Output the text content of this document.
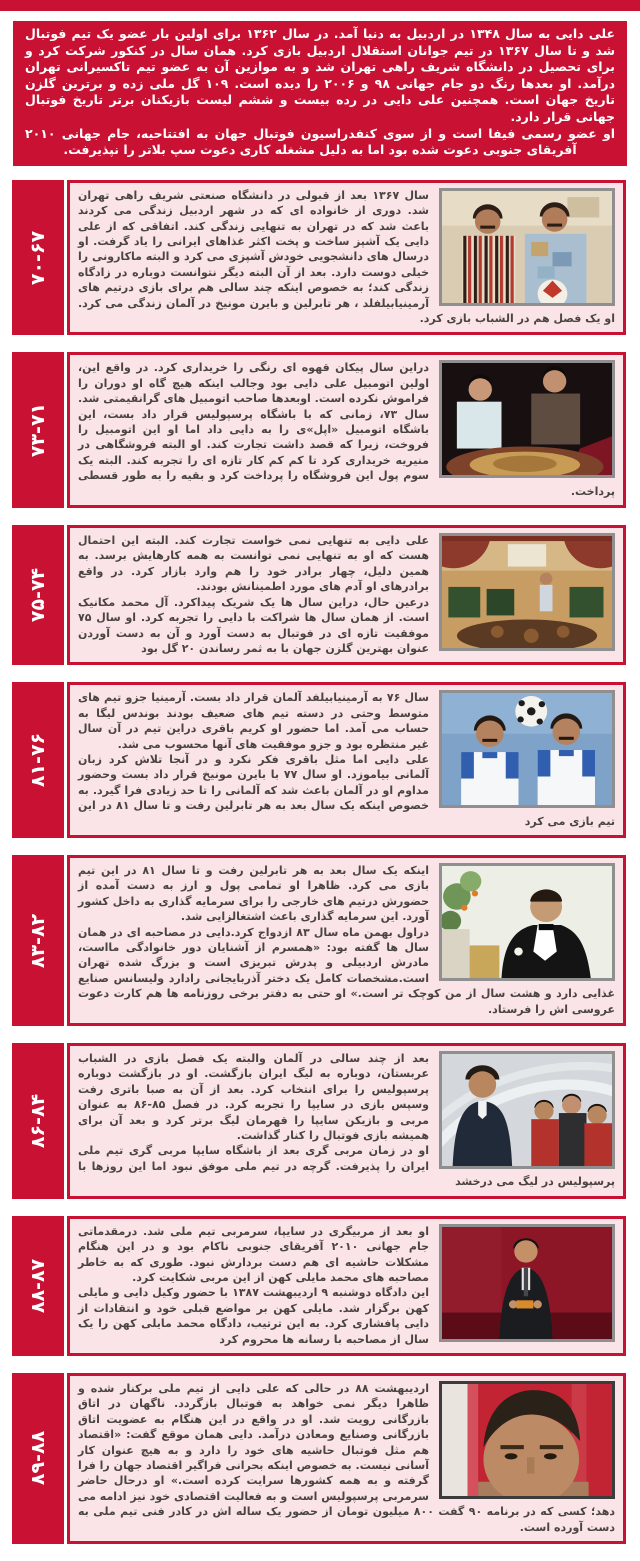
علی دایی به سال ۱۳۴۸ در اردبیل به دنیا آمد. در سال ۱۳۶۲ برای اولین بار عضو یک تیم فوتبال شد و تا سال ۱۳۶۷ در تیم جوانان استقلال اردبیل بازی کرد. همان سال در کنکور شرکت کرد و برای تحصیل در دانشگاه شریف راهی تهران شد و به موازین آن به عضو تیم تاکسیرانی تهران درآمد. او بعدها رنگ دو جام جهانی ۹۸ و ۲۰۰۶ را دیده است. ۱۰۹ گل ملی زده و برترین گلزن تاریخ جهان است. همچنین علی دایی در رده بیست و ششم لیست بازیکنان برتر تاریخ فوتبال جهانی قرار دارد.

او عضو رسمی فیفا است و از سوی کنفدراسیون فوتبال جهان به افتتاحیه، جام جهانی ۲۰۱۰ آفریقای جنوبی دعوت شده بود اما به دلیل مشغله کاری دعوت سپ بلاتر را نپذیرفت.

۷۰-۶۷

سال ۱۳۶۷ بعد از قبولی در دانشگاه صنعتی شریف راهی تهران شد. دوری از خانواده ای که در شهر اردبیل زندگی می کردند باعث شد که در تهران به تنهایی زندگی کند. اتفاقی که از علی دایی یک آشپز ساخت و پخت اکثر غذاهای ایرانی را یاد گرفت. او درسال های دانشجویی خودش آشپزی می کرد و البته ماکارونی را خیلی دوست دارد. بعد از آن البته دیگر نتوانست دوباره در زادگاه زندگی کند؛ به خصوص اینکه چند سالی هم برای بازی درتیم های آرمینیابیلفلد ، هر تابرلین و بایرن مونیخ در آلمان زندگی می کرد. او یک فصل هم در الشباب بازی کرد.

۷۳-۷۱

دراین سال پیکان قهوه ای رنگی را خریداری کرد. در واقع این، اولین اتومبیل علی دایی بود وجالب اینکه هیچ گاه او دوران را فراموش نکرده است. اوبعدها صاحب اتومبیل های گرانقیمتی شد. سال ۷۳، زمانی که با باشگاه پرسپولیس قرار داد بست، این باشگاه اتومبیل «اپل»ی را به دایی داد اما او این اتومبیل را فروخت، زیرا که قصد داشت تجارت کند. او البته فروشگاهی در منیریه خریداری کرد تا کم کم کار تازه ای را تجربه کند. البته یک سوم پول این فروشگاه را پرداخت کرد و بقیه را به طور قسطی پرداخت.

۷۵-۷۴

علی دایی به تنهایی نمی خواست تجارت کند. البته این احتمال هست که او به تنهایی نمی توانست به همه کارهایش برسد. به همین دلیل، چهار برادر خود را هم وارد بازار کرد. در واقع برادرهای او آدم های مورد اطمینانش بودند.

درعین حال، دراین سال ها یک شریک پیداکرد. آل محمد مکانیک است. از همان سال ها شراکت با دایی را تجربه کرد. او سال ۷۵ موفقیت تازه ای در فوتبال به دست آورد و آن به دست آوردن عنوان بهترین گلزن جهان با به ثمر رساندن ۲۰ گل بود

۸۱-۷۶

سال ۷۶ به آرمینیابیلفد آلمان قرار داد بست. آرمینیا جزو تیم های متوسط وحتی در دسته تیم های ضعیف بودند بوندس لیگا به حساب می آمد. اما حضور او کریم باقری دراین تیم در آن سال غیر منتظره بود و جزو موفقیت های آنها محسوب می شد.

علی دایی اما مثل باقری فکر نکرد و در آنجا تلاش کرد زبان آلمانی بیاموزد. او سال ۷۷ با بایرن مونیخ قرار داد بست وحضور مداوم او در آلمان باعث شد که آلمانی را تا حد زیادی فرا گیرد. به خصوص اینکه یک سال بعد به هر تابرلین رفت و تا سال ۸۱ در این تیم بازی می کرد

۸۳-۸۲

اینکه یک سال بعد به هر تابرلین رفت و تا سال ۸۱ در این تیم بازی می کرد. ظاهرا او تمامی پول و ارز به دست آمده از حضورش درتیم های خارجی را برای سرمایه گذاری به داخل کشور آورد. این سرمایه گذاری باعث اشتغالزایی شد.

دراول بهمن ماه سال ۸۳ ازدواج کرد.دایی در مصاحبه ای در همان سال ها گفته بود: «همسرم از آشنایان دور خانوادگی مااست، مادرش اردبیلی و پدرش تبریزی است و بزرگ شده تهران است.مشخصات کامل یک دختر آذربایجانی رادارد ولیسانس صنایع غذایی دارد و هشت سال از من کوچک تر است.» او حتی به دفتر برخی روزنامه ها هم کارت دعوت عروسی اش را فرستاد.

۸۶-۸۴

بعد از چند سالی در آلمان والبته یک فصل بازی در الشباب عربستان، دوباره به لیگ ایران بازگشت. او در بازگشت دوباره پرسپولیس را برای انتخاب کرد. بعد از آن به صبا باتری رفت وسپس بازی در سایپا را تجربه کرد. در فصل ۸۵-۸۶ به عنوان مربی و بازیکن سایپا را قهرمان لیگ برتر کرد و بعد آن برای همیشه بازی فوتبال را کنار گذاشت.

او در زمان مربی گری بعد از باشگاه سایپا مربی گری تیم ملی ایران را پذیرفت. گرچه در تیم ملی موفق نبود اما این روزها با پرسپولیس در لیگ می درخشد

۸۸-۸۷

او بعد از مربیگری در سایپا، سرمربی تیم ملی شد. درمقدماتی جام جهانی ۲۰۱۰ آفریقای جنوبی ناکام بود و در این هنگام مشکلات حاشیه ای هم دست بردارش نبود. طوری که به خاطر مصاحبه های محمد مایلی کهن از این مربی شکایت کرد.

این دادگاه دوشنبه ۹ اردیبهشت ۱۳۸۷ با حضور وکیل دایی و مایلی کهن برگزار شد. مایلی کهن بر مواضع قبلی خود و انتقادات از دایی پافشاری کرد. به این ترتیب، دادگاه محمد مایلی کهن را یک سال از مصاحبه با رسانه ها محروم کرد

۸۹-۸۸

اردیبهشت ۸۸ در حالی که علی دایی از تیم ملی برکنار شده و ظاهرا دیگر نمی خواهد به فوتبال بازگردد. ناگهان در اتاق بازرگانی رویت شد. او در واقع در این هنگام به عضویت اتاق بازرگانی وصنایع ومعادن درآمد. دایی همان موقع گفت: «اقتصاد هم مثل فوتبال حاشیه های خود را دارد و به هیچ عنوان کار آسانی نیست. به خصوص اینکه بحرانی فراگیر اقتصاد جهان را فرا گرفته و به همه کشورها سرایت کرده است.» او درحال حاضر سرمربی پرسپولیس است و به فعالیت اقتصادی خود نیز ادامه می دهد؛ کسی که در برنامه ۹۰ گفت ۸۰۰ میلیون تومان از حضور یک ساله اش در کادر فنی تیم ملی به دست آورده است.
